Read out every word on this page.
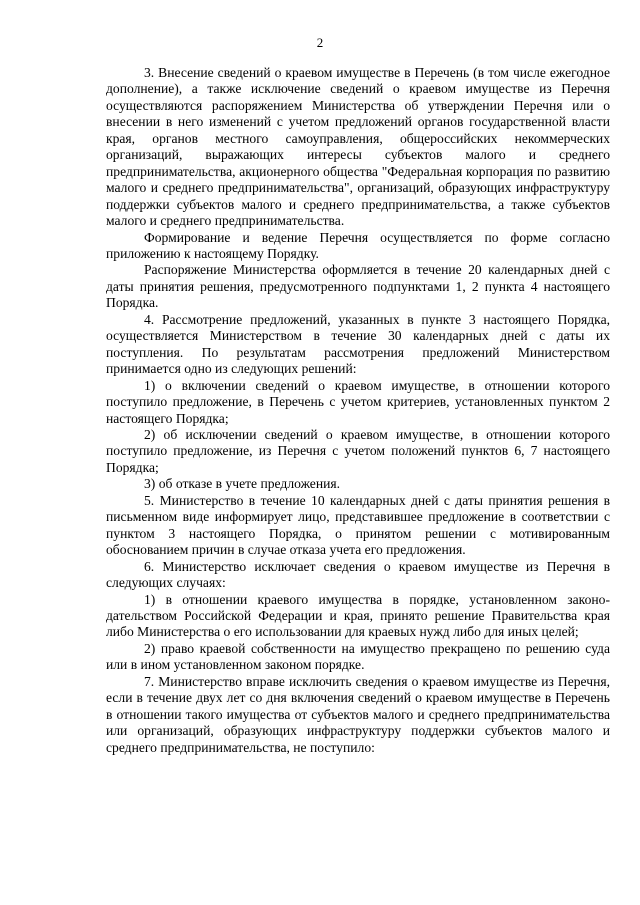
2

3. Внесение сведений о краевом имуществе в Перечень (в том числе ежегодное дополнение), а также исключение сведений о краевом имуществе из Перечня осуществляются распоряжением Министерства об утверждении Перечня или о внесении в него изменений с учетом предложений органов государственной власти края, органов местного самоуправления, общероссийских некоммерческих организаций, выражающих интересы субъектов малого и среднего предпринимательства, акционерного общества "Федеральная корпорация по развитию малого и среднего предпринимательства", организаций, образующих инфраструктуру поддержки субъектов малого и среднего предпринимательства, а также субъектов малого и среднего предпринимательства.

Формирование и ведение Перечня осуществляется по форме согласно приложению к настоящему Порядку.

Распоряжение Министерства оформляется в течение 20 календарных дней с даты принятия решения, предусмотренного подпунктами 1, 2 пункта 4 настоящего Порядка.

4. Рассмотрение предложений, указанных в пункте 3 настоящего Порядка, осуществляется Министерством в течение 30 календарных дней с даты их поступления. По результатам рассмотрения предложений Министерством принимается одно из следующих решений:

1) о включении сведений о краевом имуществе, в отношении которого поступило предложение, в Перечень с учетом критериев, установленных пунктом 2 настоящего Порядка;

2) об исключении сведений о краевом имуществе, в отношении которого поступило предложение, из Перечня с учетом положений пунктов 6, 7 настоящего Порядка;

3) об отказе в учете предложения.

5. Министерство в течение 10 календарных дней с даты принятия решения в письменном виде информирует лицо, представившее предложение в соответствии с пунктом 3 настоящего Порядка, о принятом решении с мотивированным обоснованием причин в случае отказа учета его предложения.

6. Министерство исключает сведения о краевом имуществе из Перечня в следующих случаях:

1) в отношении краевого имущества в порядке, установленном законодательством Российской Федерации и края, принято решение Правительства края либо Министерства о его использовании для краевых нужд либо для иных целей;

2) право краевой собственности на имущество прекращено по решению суда или в ином установленном законом порядке.

7. Министерство вправе исключить сведения о краевом имуществе из Перечня, если в течение двух лет со дня включения сведений о краевом имуществе в Перечень в отношении такого имущества от субъектов малого и среднего предпринимательства или организаций, образующих инфраструктуру поддержки субъектов малого и среднего предпринимательства, не поступило:
